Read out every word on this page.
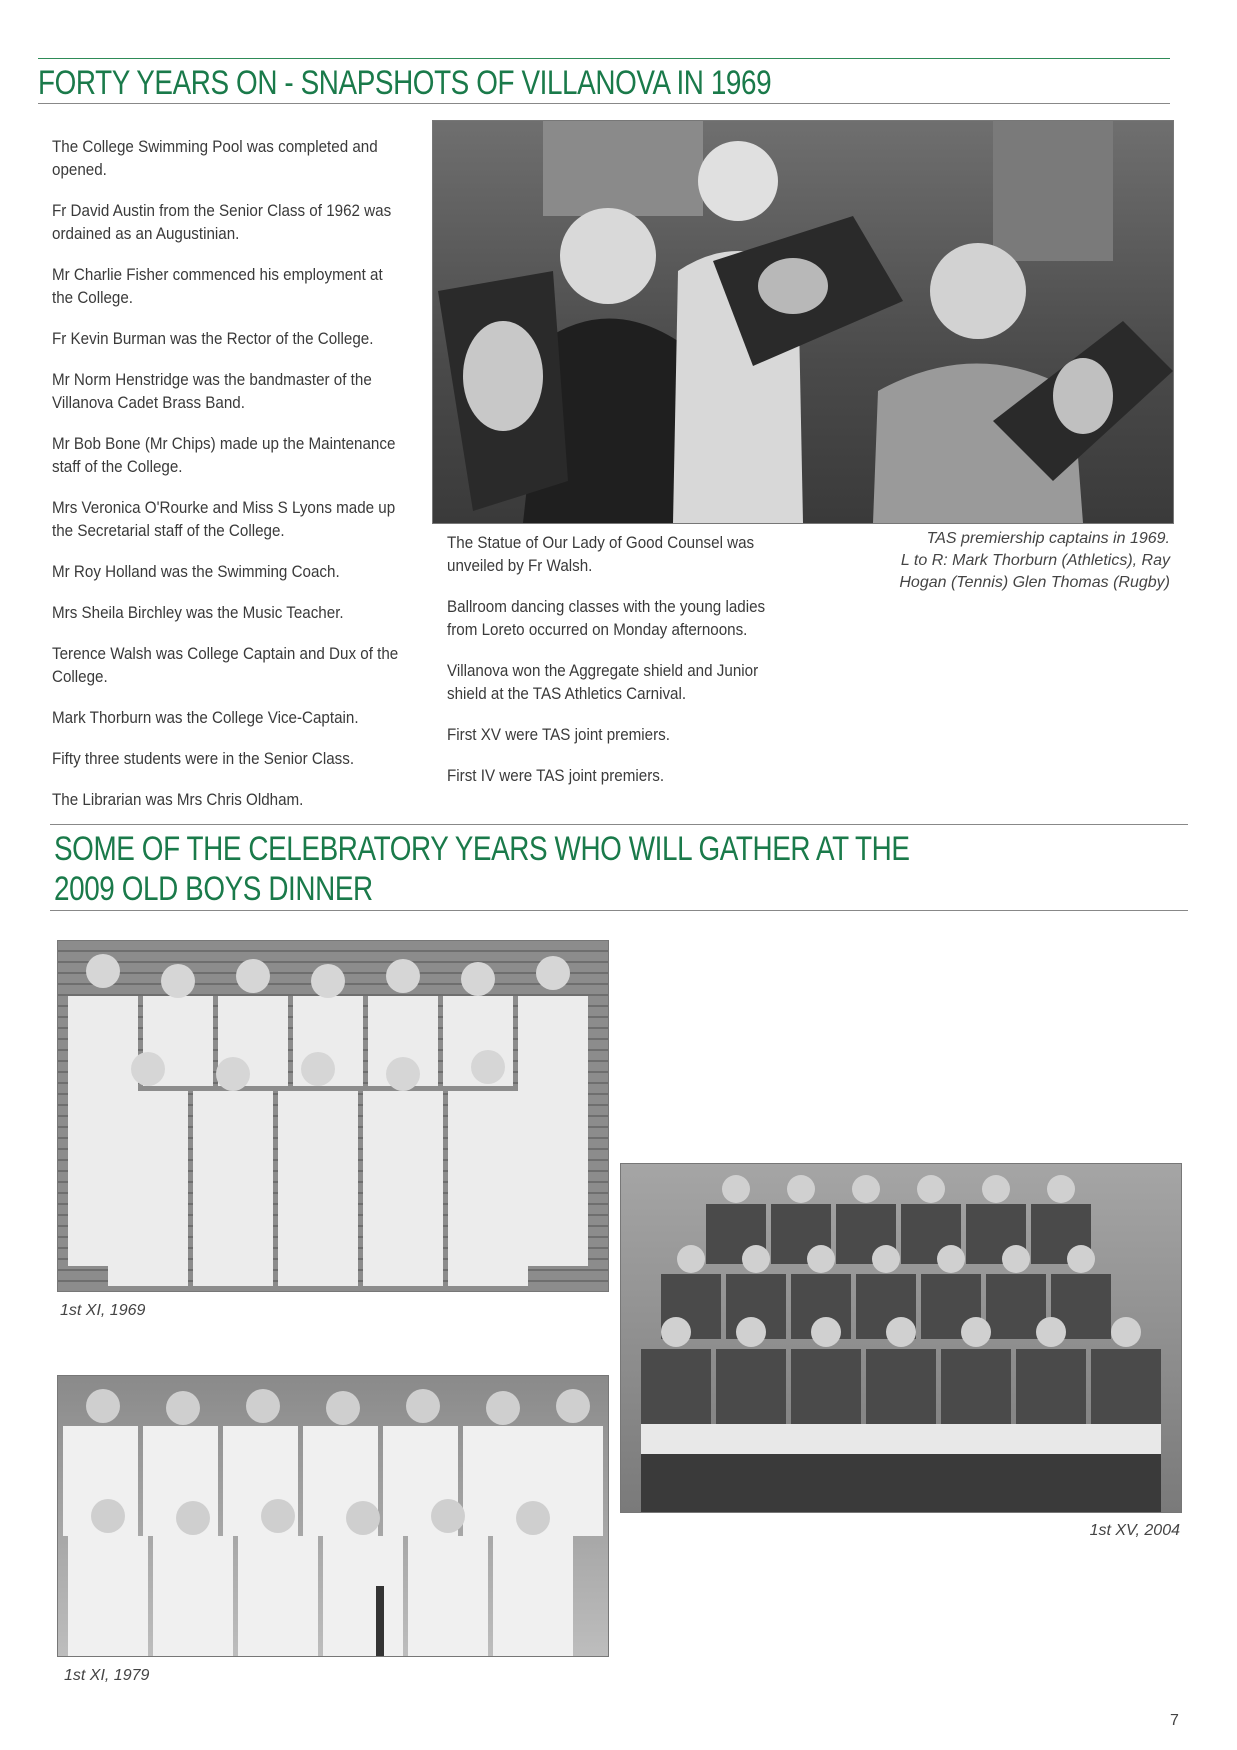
FORTY YEARS ON - SNAPSHOTS OF VILLANOVA IN 1969

The College Swimming Pool was completed and opened.

Fr David Austin from the Senior Class of 1962 was ordained as an Augustinian.

Mr Charlie Fisher commenced his employment at the College.

Fr Kevin Burman was the Rector of the College.

Mr Norm Henstridge was the bandmaster of the Villanova Cadet Brass Band.

Mr Bob Bone (Mr Chips) made up the Maintenance staff of the College.

Mrs Veronica O'Rourke and Miss S Lyons made up the Secretarial staff of the College.

Mr Roy Holland was the Swimming Coach.

Mrs Sheila Birchley was the Music Teacher.

Terence Walsh was College Captain and Dux of the College.

Mark Thorburn was the College Vice-Captain.

Fifty three students were in the Senior Class.

The Librarian was Mrs Chris Oldham.

The Statue of Our Lady of Good Counsel was unveiled by Fr Walsh.

Ballroom dancing classes with the young ladies from Loreto occurred on Monday afternoons.

Villanova won the Aggregate shield and Junior shield at the TAS Athletics Carnival.

First XV were TAS joint premiers.

First IV were TAS joint premiers.

TAS premiership captains in 1969.
L to R: Mark Thorburn (Athletics), Ray Hogan (Tennis) Glen Thomas (Rugby)
SOME OF THE CELEBRATORY YEARS WHO WILL GATHER AT THE
2009 OLD BOYS DINNER
1st XI, 1969
1st XV, 2004
1st XI, 1979
7
